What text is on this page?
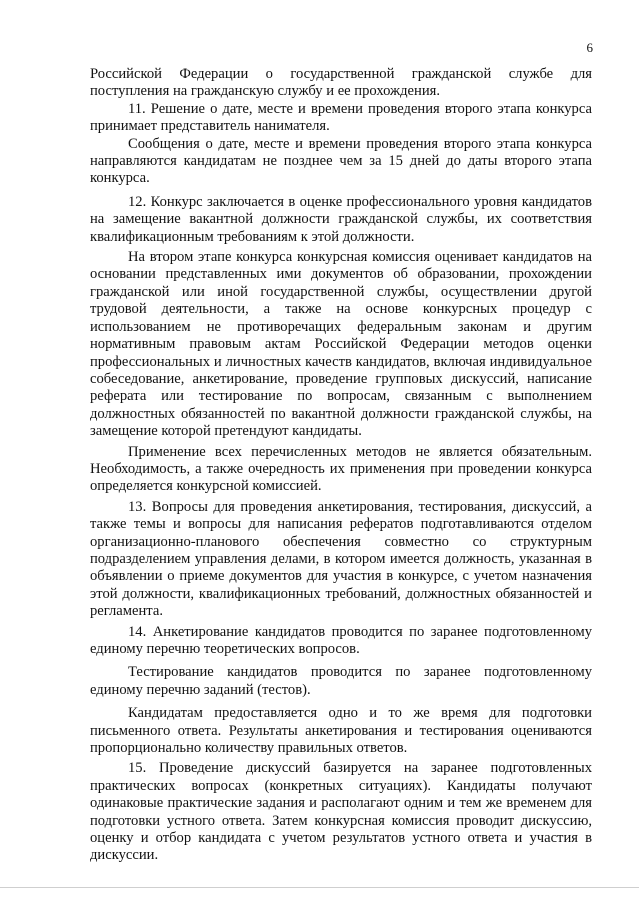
6

Российской Федерации о государственной гражданской службе для поступления на гражданскую службу и ее прохождения.

11. Решение о дате, месте и времени проведения второго этапа конкурса принимает представитель нанимателя.

Сообщения о дате, месте и времени проведения второго этапа конкурса направляются кандидатам не позднее чем за 15 дней до даты второго этапа конкурса.

12. Конкурс заключается в оценке профессионального уровня кандидатов на замещение вакантной должности гражданской службы, их соответствия квалификационным требованиям к этой должности.

На втором этапе конкурса конкурсная комиссия оценивает кандидатов на основании представленных ими документов об образовании, прохождении гражданской или иной государственной службы, осуществлении другой трудовой деятельности, а также на основе конкурсных процедур с использованием не противоречащих федеральным законам и другим нормативным правовым актам Российской Федерации методов оценки профессиональных и личностных качеств кандидатов, включая индивидуальное собеседование, анкетирование, проведение групповых дискуссий, написание реферата или тестирование по вопросам, связанным с выполнением должностных обязанностей по вакантной должности гражданской службы, на замещение которой претендуют кандидаты.

Применение всех перечисленных методов не является обязательным. Необходимость, а также очередность их применения при проведении конкурса определяется конкурсной комиссией.

13. Вопросы для проведения анкетирования, тестирования, дискуссий, а также темы и вопросы для написания рефератов подготавливаются отделом организационно-планового обеспечения совместно со структурным подразделением управления делами, в котором имеется должность, указанная в объявлении о приеме документов для участия в конкурсе, с учетом назначения этой должности, квалификационных требований, должностных обязанностей и регламента.

14. Анкетирование кандидатов проводится по заранее подготовленному единому перечню теоретических вопросов.

Тестирование кандидатов проводится по заранее подготовленному единому перечню заданий (тестов).

Кандидатам предоставляется одно и то же время для подготовки письменного ответа. Результаты анкетирования и тестирования оцениваются пропорционально количеству правильных ответов.

15. Проведение дискуссий базируется на заранее подготовленных практических вопросах (конкретных ситуациях). Кандидаты получают одинаковые практические задания и располагают одним и тем же временем для подготовки устного ответа. Затем конкурсная комиссия проводит дискуссию, оценку и отбор кандидата с учетом результатов устного ответа и участия в дискуссии.
